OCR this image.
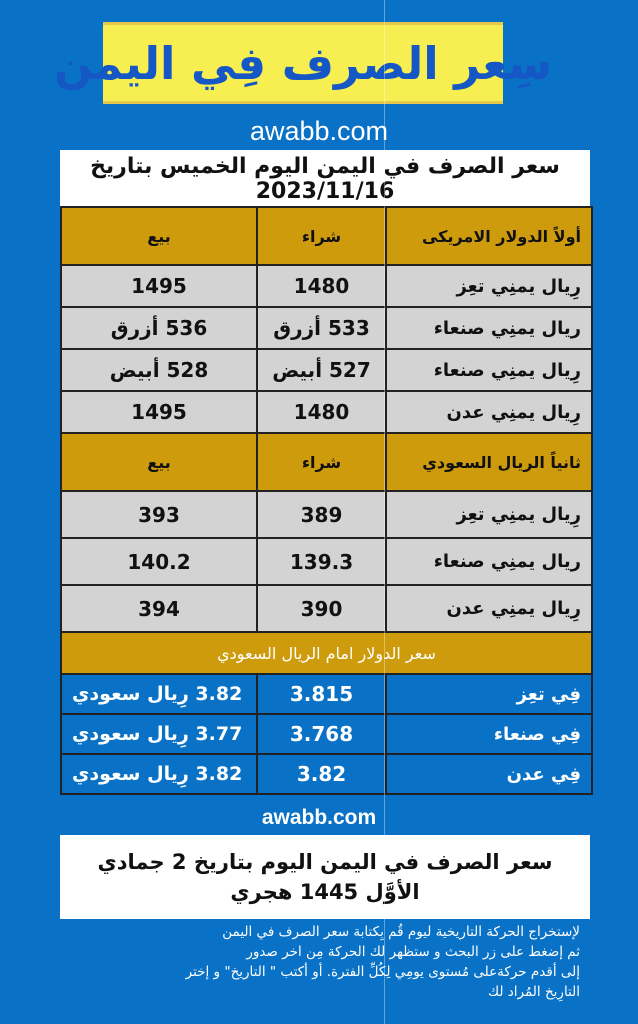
سِعر الصرف فِي اليمن
awabb.com
سعر الصرف في اليمن اليوم الخميس بتاريخ 2023/11/16
أولاً الدولار الامريكى	شراء	بيع
رِيال يمنِي تعِز	1480	1495
ريال يمنِي صنعاء	533 أزرق	536 أزرق
رِيال يمنِي صنعاء	527 أبيض	528 أبيض
رِيال يمنِي عدن	1480	1495
ثانياً الريال السعودي	شراء	بيع
رِيال يمنِي تعِز	389	393
ريال يمنِي صنعاء	139.3	140.2
رِيال يمنِي عدن	390	394
سعر الدولار امام الريال السعودي		
فِي تعِز	3.815	3.82 رِيال سعودي
فِي صنعاء	3.768	3.77 رِيال سعودي
فِي عدن	3.82	3.82 رِيال سعودي
awabb.com
سعر الصرف في اليمن اليوم بتاريخ 2 جمادي الأوَّل 1445 هجري
لإستخراج الحركة التاريخية ليوم قُم بِكتابة سعر الصرف في اليمن
ثم إضغط على زر البحث و ستظهر لك الحركة مِن اخر صدور
إلى أقدم حركةعلى مُستوى يومِي لِكُلِّ الفترة. أو أكتب " التاريخ" و إختر
التارِيخ المُراد لك
